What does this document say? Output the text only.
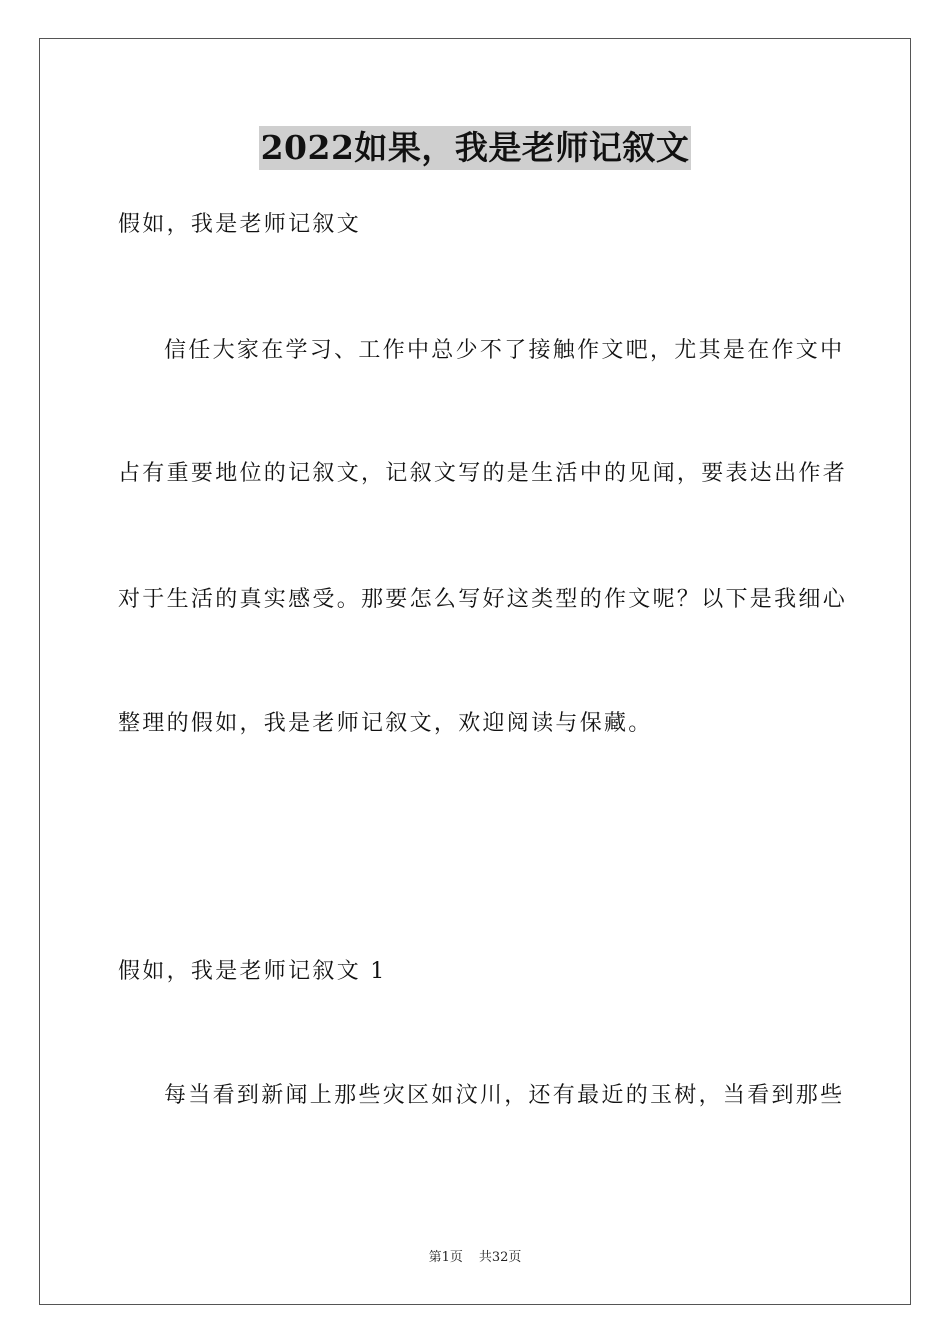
2022如果，我是老师记叙文
假如，我是老师记叙文
信任大家在学习、工作中总少不了接触作文吧，尤其是在作文中
占有重要地位的记叙文，记叙文写的是生活中的见闻，要表达出作者
对于生活的真实感受。那要怎么写好这类型的作文呢？以下是我细心
整理的假如，我是老师记叙文，欢迎阅读与保藏。
假如，我是老师记叙文 1
每当看到新闻上那些灾区如汶川，还有最近的玉树，当看到那些
第1页 共32页
